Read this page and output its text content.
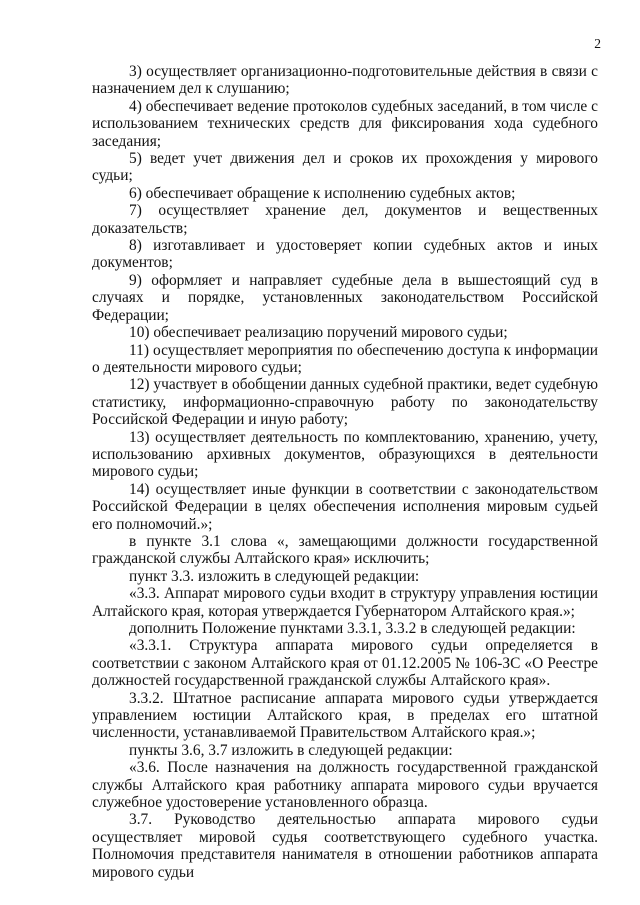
2

3) осуществляет организационно-подготовительные действия в связи с назначением дел к слушанию;

4) обеспечивает ведение протоколов судебных заседаний, в том числе с использованием технических средств для фиксирования хода судебного заседания;

5) ведет учет движения дел и сроков их прохождения у мирового судьи;

6) обеспечивает обращение к исполнению судебных актов;

7) осуществляет хранение дел, документов и вещественных доказательств;

8) изготавливает и удостоверяет копии судебных актов и иных документов;

9) оформляет и направляет судебные дела в вышестоящий суд в случаях и порядке, установленных законодательством Российской Федерации;

10) обеспечивает реализацию поручений мирового судьи;

11) осуществляет мероприятия по обеспечению доступа к информации о деятельности мирового судьи;

12) участвует в обобщении данных судебной практики, ведет судебную статистику, информационно-справочную работу по законодательству Российской Федерации и иную работу;

13) осуществляет деятельность по комплектованию, хранению, учету, использованию архивных документов, образующихся в деятельности мирового судьи;

14) осуществляет иные функции в соответствии с законодательством Российской Федерации в целях обеспечения исполнения мировым судьей его полномочий.»;

в пункте 3.1 слова «, замещающими должности государственной гражданской службы Алтайского края» исключить;

пункт 3.3. изложить в следующей редакции:

«3.3. Аппарат мирового судьи входит в структуру управления юстиции Алтайского края, которая утверждается Губернатором Алтайского края.»;

дополнить Положение пунктами 3.3.1, 3.3.2 в следующей редакции:

«3.3.1. Структура аппарата мирового судьи определяется в соответствии с законом Алтайского края от 01.12.2005 № 106-ЗС «О Реестре должностей государственной гражданской службы Алтайского края».

3.3.2. Штатное расписание аппарата мирового судьи утверждается управлением юстиции Алтайского края, в пределах его штатной численности, устанавливаемой Правительством Алтайского края.»;

пункты 3.6, 3.7 изложить в следующей редакции:

«3.6. После назначения на должность государственной гражданской службы Алтайского края работнику аппарата мирового судьи вручается служебное удостоверение установленного образца.

3.7. Руководство деятельностью аппарата мирового судьи осуществляет мировой судья соответствующего судебного участка. Полномочия представителя нанимателя в отношении работников аппарата мирового судьи
